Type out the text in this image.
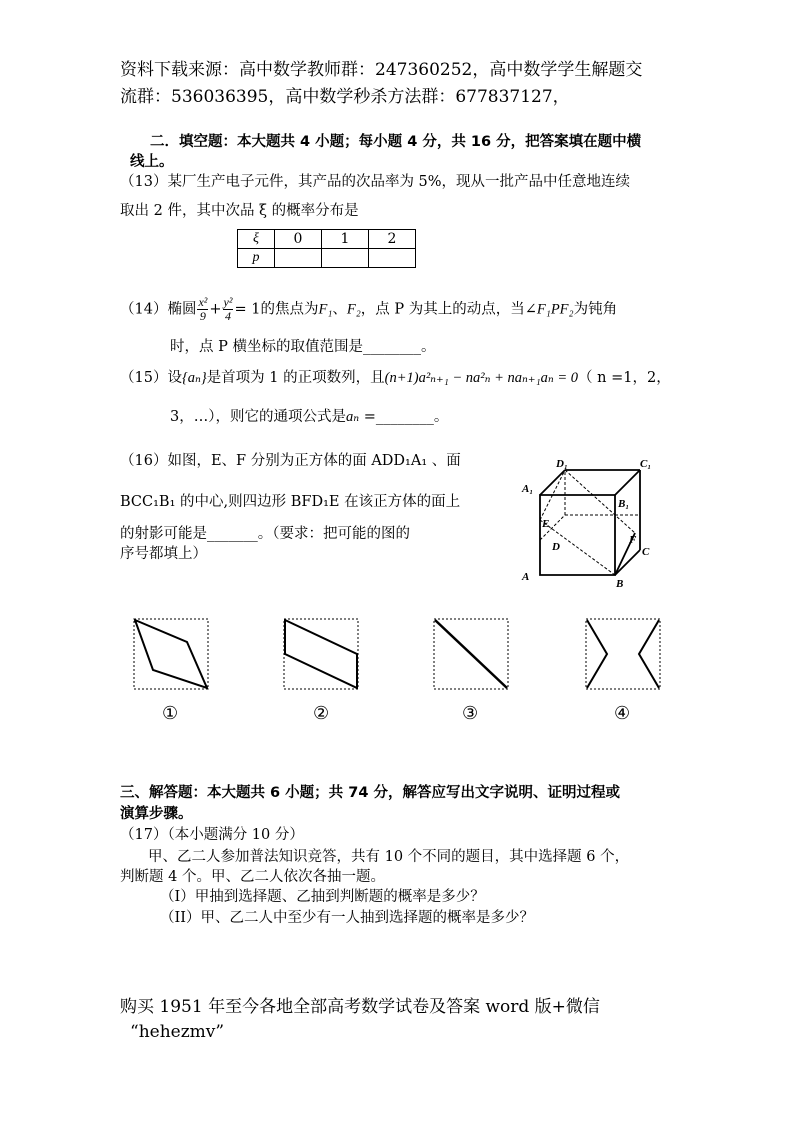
资料下载来源：高中数学教师群：247360252，高中数学学生解题交
流群：536036395，高中数学秒杀方法群：677837127，
二．填空题：本大题共 4 小题；每小题 4 分，共 16 分，把答案填在题中横
线上。
（13）某厂生产电子元件，其产品的次品率为 5%，现从一批产品中任意地连续
取出 2 件，其中次品 ξ 的概率分布是
ξ	0	1	2
p			
（14）椭圆 $\frac{\text{x²}}{9} + \frac{\text{y²}}{4} = 1$的焦点为F₁、F₂，点 P 为其上的动点，当∠F₁PF₂为钝角
时，点 P 横坐标的取值范围是________。
（15）设{aₙ}是首项为 1 的正项数列，且(n+1)a²ₙ₊₁ − na²ₙ + naₙ₊₁aₙ = 0（ n =1，2，
3，…），则它的通项公式是aₙ =________。
（16）如图，E、F 分别为正方体的面 ADD₁A₁ 、面
BCC₁B₁ 的中心,则四边形 BFD₁E 在该正方体的面上
的射影可能是_______。（要求：把可能的图的
序号都填上）
D₁	C₁
A₁
B₁
E
F
D	C
A
B
①	②	③	④
三、解答题：本大题共 6 小题；共 74 分，解答应写出文字说明、证明过程或
演算步骤。
（17）（本小题满分 10 分）
甲、乙二人参加普法知识竞答，共有 10 个不同的题目，其中选择题 6 个，
判断题 4 个。甲、乙二人依次各抽一题。
（I）甲抽到选择题、乙抽到判断题的概率是多少？
（II）甲、乙二人中至少有一人抽到选择题的概率是多少？
购买 1951 年至今各地全部高考数学试卷及答案 word 版+微信
“hehezmv”
